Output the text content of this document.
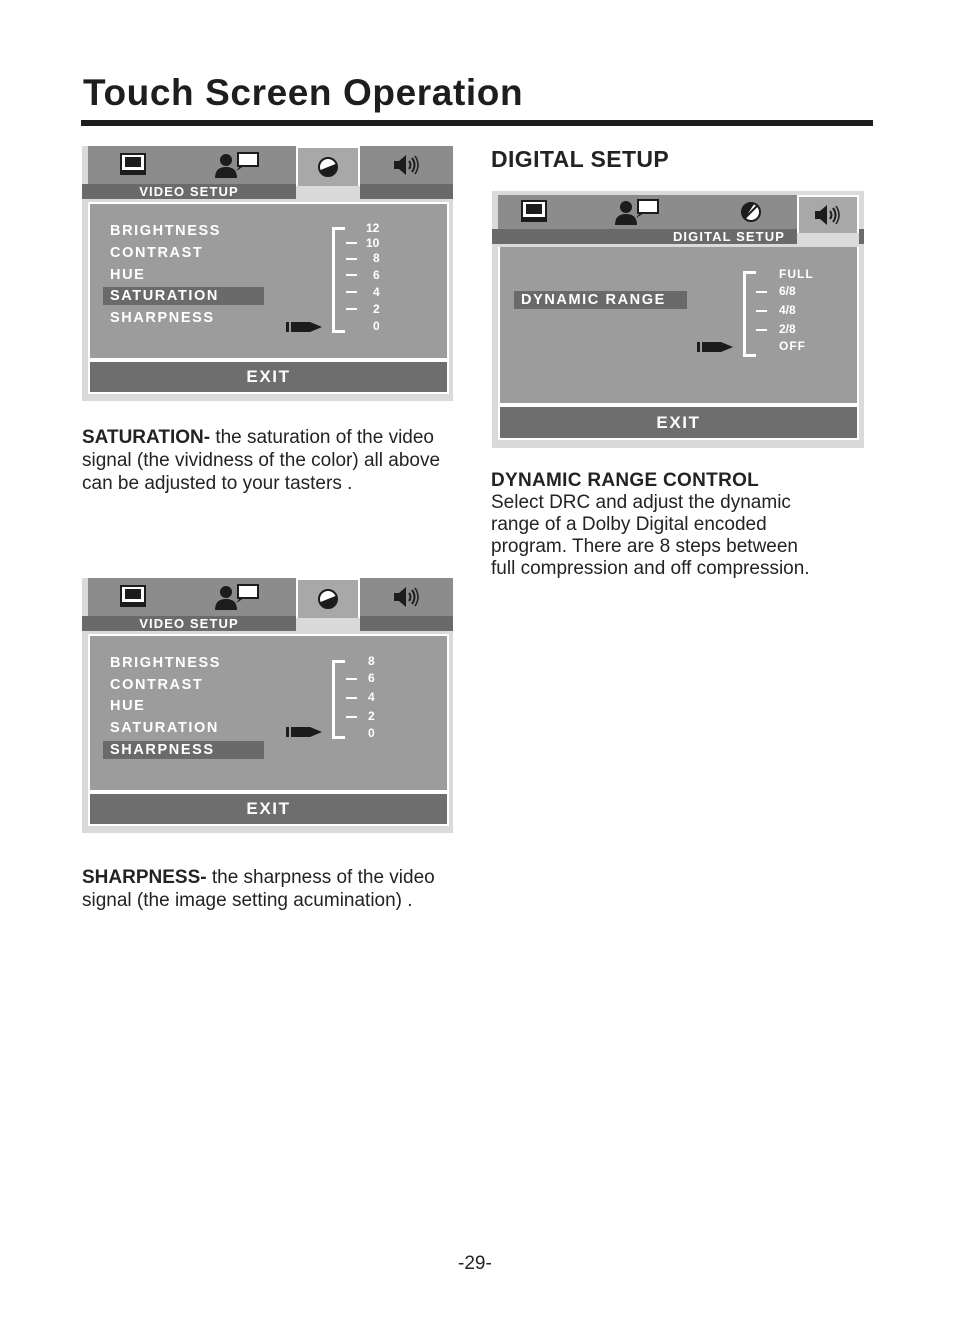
Touch Screen Operation
VIDEO SETUP
BRIGHTNESS
CONTRAST
HUE
SATURATION
SHARPNESS
12
10
8
6
4
2
0
EXIT
SATURATION- the saturation of the video signal (the vividness of the color) all above can be adjusted to your tasters .
VIDEO SETUP
BRIGHTNESS
CONTRAST
HUE
SATURATION
SHARPNESS
8
6
4
2
0
EXIT
SHARPNESS- the sharpness of the video signal (the image setting acumination) .
DIGITAL SETUP
DIGITAL SETUP
DYNAMIC RANGE
FULL
6/8
4/8
2/8
OFF
EXIT
DYNAMIC RANGE CONTROL
Select DRC and adjust the dynamic
range of a Dolby Digital encoded
program. There are 8 steps between
full compression and off compression.
-29-
